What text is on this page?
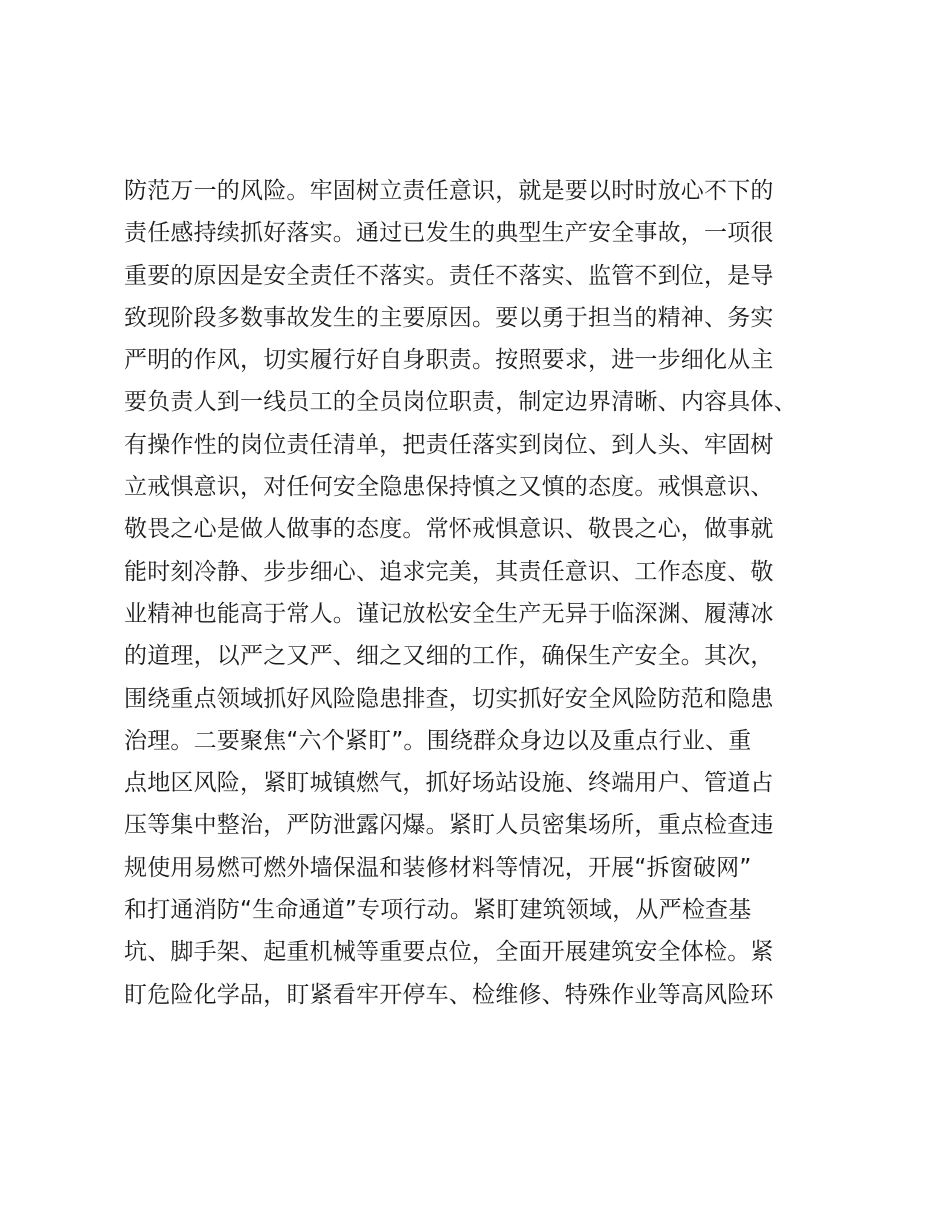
防范万一的风险。牢固树立责任意识，就是要以时时放心不下的
责任感持续抓好落实。通过已发生的典型生产安全事故，一项很
重要的原因是安全责任不落实。责任不落实、监管不到位，是导
致现阶段多数事故发生的主要原因。要以勇于担当的精神、务实
严明的作风，切实履行好自身职责。按照要求，进一步细化从主
要负责人到一线员工的全员岗位职责，制定边界清晰、内容具体、
有操作性的岗位责任清单，把责任落实到岗位、到人头、牢固树
立戒惧意识，对任何安全隐患保持慎之又慎的态度。戒惧意识、
敬畏之心是做人做事的态度。常怀戒惧意识、敬畏之心，做事就
能时刻冷静、步步细心、追求完美，其责任意识、工作态度、敬
业精神也能高于常人。谨记放松安全生产无异于临深渊、履薄冰
的道理，以严之又严、细之又细的工作，确保生产安全。其次，
围绕重点领域抓好风险隐患排查，切实抓好安全风险防范和隐患
治理。二要聚焦“六个紧盯”。围绕群众身边以及重点行业、重
点地区风险，紧盯城镇燃气，抓好场站设施、终端用户、管道占
压等集中整治，严防泄露闪爆。紧盯人员密集场所，重点检查违
规使用易燃可燃外墙保温和装修材料等情况，开展“拆窗破网”
和打通消防“生命通道”专项行动。紧盯建筑领域，从严检查基
坑、脚手架、起重机械等重要点位，全面开展建筑安全体检。紧
盯危险化学品，盯紧看牢开停车、检维修、特殊作业等高风险环
